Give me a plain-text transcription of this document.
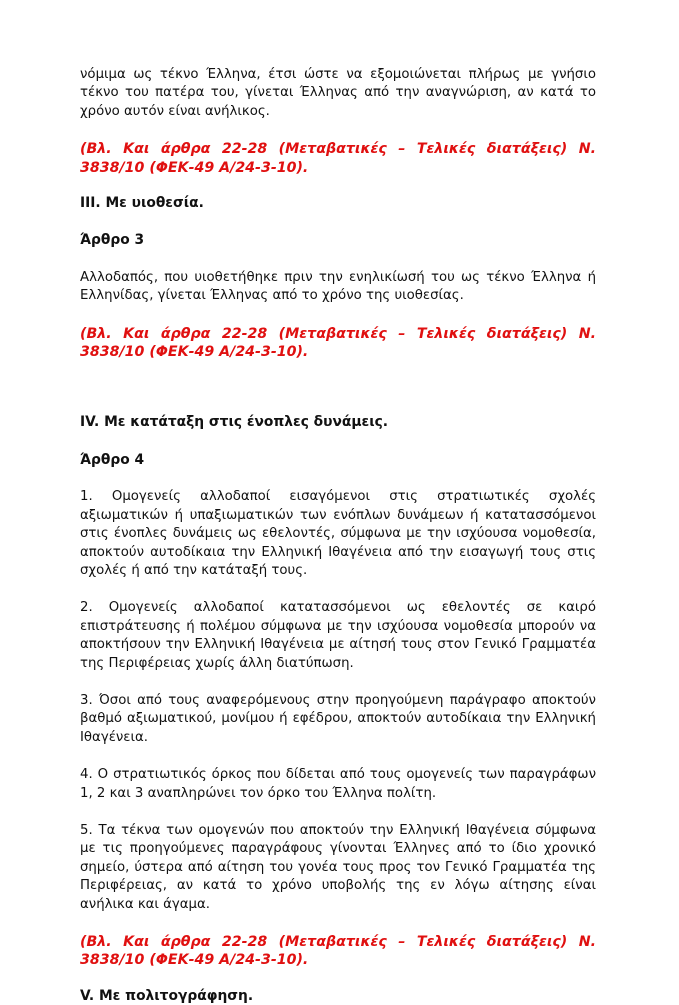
νόμιμα ως τέκνο Έλληνα, έτσι ώστε να εξομοιώνεται πλήρως με γνήσιο τέκνο του πατέρα του, γίνεται Έλληνας από την αναγνώριση, αν κατά το χρόνο αυτόν είναι ανήλικος.

(Βλ. Και άρθρα 22-28 (Μεταβατικές – Τελικές διατάξεις) Ν. 3838/10 (ΦΕΚ-49 Α/24-3-10).

III. Με υιοθεσία.

Άρθρο 3

Αλλοδαπός, που υιοθετήθηκε πριν την ενηλικίωσή του ως τέκνο Έλληνα ή Ελληνίδας, γίνεται Έλληνας από το χρόνο της υιοθεσίας.

(Βλ. Και άρθρα 22-28 (Μεταβατικές – Τελικές διατάξεις) Ν. 3838/10 (ΦΕΚ-49 Α/24-3-10).

IV. Με κατάταξη στις ένοπλες δυνάμεις.

Άρθρο 4

1. Ομογενείς αλλοδαποί εισαγόμενοι στις στρατιωτικές σχολές αξιωματικών ή υπαξιωματικών των ενόπλων δυνάμεων ή κατατασσόμενοι στις ένοπλες δυνάμεις ως εθελοντές, σύμφωνα με την ισχύουσα νομοθεσία, αποκτούν αυτοδίκαια την Ελληνική Ιθαγένεια από την εισαγωγή τους στις σχολές ή από την κατάταξή τους.

2. Ομογενείς αλλοδαποί κατατασσόμενοι ως εθελοντές σε καιρό επιστράτευσης ή πολέμου σύμφωνα με την ισχύουσα νομοθεσία μπορούν να αποκτήσουν την Ελληνική Ιθαγένεια με αίτησή τους στον Γενικό Γραμματέα της Περιφέρειας χωρίς άλλη διατύπωση.

3. Όσοι από τους αναφερόμενους στην προηγούμενη παράγραφο αποκτούν βαθμό αξιωματικού, μονίμου ή εφέδρου, αποκτούν αυτοδίκαια την Ελληνική Ιθαγένεια.

4. Ο στρατιωτικός όρκος που δίδεται από τους ομογενείς των παραγράφων 1, 2 και 3 αναπληρώνει τον όρκο του Έλληνα πολίτη.

5. Τα τέκνα των ομογενών που αποκτούν την Ελληνική Ιθαγένεια σύμφωνα με τις προηγούμενες παραγράφους γίνονται Έλληνες από το ίδιο χρονικό σημείο, ύστερα από αίτηση του γονέα τους προς τον Γενικό Γραμματέα της Περιφέρειας, αν κατά το χρόνο υποβολής της εν λόγω αίτησης είναι ανήλικα και άγαμα.

(Βλ. Και άρθρα 22-28 (Μεταβατικές – Τελικές διατάξεις) Ν. 3838/10 (ΦΕΚ-49 Α/24-3-10).

V. Με πολιτογράφηση.
